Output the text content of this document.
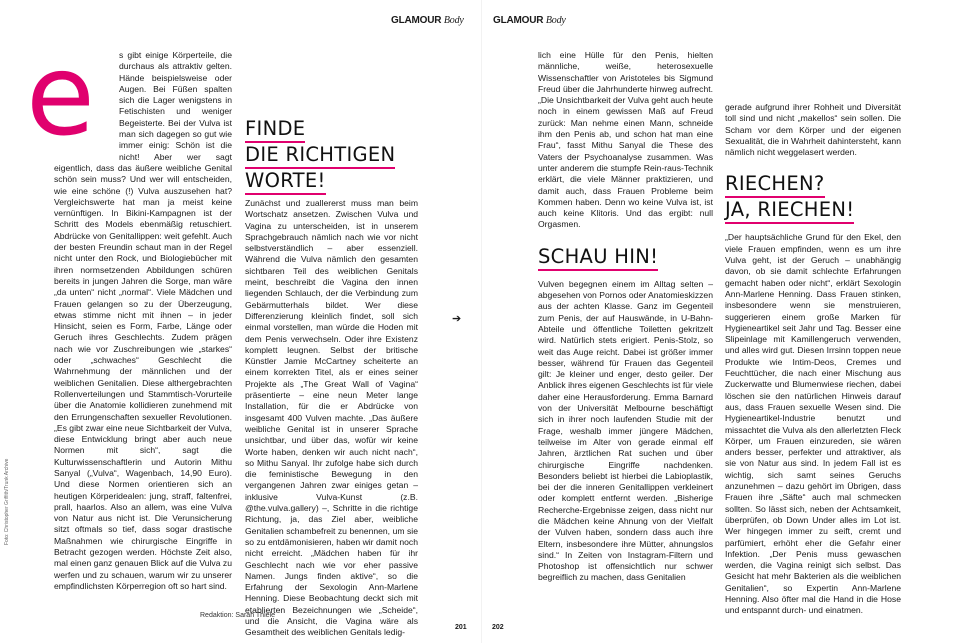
GLAMOUR Body	GLAMOUR Body
e	s gibt einige Körperteile, die durchaus als attraktiv gelten. Hände beispielsweise oder Augen. Bei Füßen spalten sich die Lager wenigstens in Fetischisten und weniger Begeisterte. Bei der Vulva ist man sich dagegen so gut wie immer einig: Schön ist die nicht! Aber wer sagt eigentlich, dass das äußere weibliche Genital schön sein muss? Und wer will entscheiden, wie eine schöne (!) Vulva auszusehen hat? Vergleichswerte hat man ja meist keine vernünftigen. In Bikini-Kampagnen ist der Schritt des Models ebenmäßig retuschiert. Abdrücke von Genitallippen: weit gefehlt. Auch der besten Freundin schaut man in der Regel nicht unter den Rock, und Biologiebücher mit ihren normsetzenden Abbildungen schüren bereits in jungen Jahren die Sorge, man wäre „da unten“ nicht „normal“. Viele Mädchen und Frauen gelangen so zu der Überzeugung, etwas stimme nicht mit ihnen – in jeder Hinsicht, seien es Form, Farbe, Länge oder Geruch ihres Geschlechts. Zudem prägen nach wie vor Zuschreibungen wie „starkes“ oder „schwaches“ Geschlecht die Wahrnehmung der männlichen und der weiblichen Genitalien. Diese althergebrachten Rollenverteilungen und Stammtisch-Vorurteile über die Anatomie kollidieren zunehmend mit den Errungenschaften sexueller Revolutionen. „Es gibt zwar eine neue Sichtbarkeit der Vulva, diese Entwicklung bringt aber auch neue Normen mit sich“, sagt die Kulturwissenschaftlerin und Autorin Mithu Sanyal („Vulva“, Wagenbach, 14,90 Euro). Und diese Normen orientieren sich an heutigen Körperidealen: jung, straff, faltenfrei, prall, haarlos. Also an allem, was eine Vulva von Natur aus nicht ist. Die Verunsicherung sitzt oftmals so tief, dass sogar drastische Maßnahmen wie chirurgische Eingriffe in Betracht gezogen werden. Höchste Zeit also, mal einen ganz genauen Blick auf die Vulva zu werfen und zu schauen, warum wir zu unserer empfindlichsten Körperregion oft so hart sind.

FINDE
DIE RICHTIGEN
WORTE!

Zunächst und zuallererst muss man beim Wortschatz ansetzen. Zwischen Vulva und Vagina zu unterscheiden, ist in unserem Sprachgebrauch nämlich nach wie vor nicht selbstverständlich – aber essenziell. Während die Vulva nämlich den gesamten sichtbaren Teil des weiblichen Genitals meint, beschreibt die Vagina den innen liegenden Schlauch, der die Verbindung zum Gebärmutterhals bildet. Wer diese Differenzierung kleinlich findet, soll sich einmal vorstellen, man würde die Hoden mit dem Penis verwechseln. Oder ihre Existenz komplett leugnen. Selbst der britische Künstler Jamie McCartney scheiterte an einem korrekten Titel, als er eines seiner Projekte als „The Great Wall of Vagina“ präsentierte – eine neun Meter lange Installation, für die er Abdrücke von insgesamt 400 Vulven machte. „Das äußere weibliche Genital ist in unserer Sprache unsichtbar, und über das, wofür wir keine Worte haben, denken wir auch nicht nach“, so Mithu Sanyal. Ihr zufolge habe sich durch die feministische Bewegung in den vergangenen Jahren zwar einiges getan – inklusive Vulva-Kunst (z.B. @the.vulva.gallery) –, Schritte in die richtige Richtung, ja, das Ziel aber, weibliche Genitalien schambefreit zu benennen, um sie so zu entdämonisieren, haben wir damit noch nicht erreicht. „Mädchen haben für ihr Geschlecht nach wie vor eher passive Namen. Jungs finden aktive“, so die Erfahrung der Sexologin Ann-Marlene Henning. Diese Beobachtung deckt sich mit etablierten Bezeichnungen wie „Scheide“, und die Ansicht, die Vagina wäre als Gesamtheit des weiblichen Genitals ledig-

➔

lich eine Hülle für den Penis, hielten männliche, weiße, heterosexuelle Wissenschaftler von Aristoteles bis Sigmund Freud über die Jahrhunderte hinweg aufrecht. „Die Unsichtbarkeit der Vulva geht auch heute noch in einem gewissen Maß auf Freud zurück: Man nehme einen Mann, schneide ihm den Penis ab, und schon hat man eine Frau“, fasst Mithu Sanyal die These des Vaters der Psychoanalyse zusammen. Was unter anderem die stumpfe Rein-raus-Technik erklärt, die viele Männer praktizieren, und damit auch, dass Frauen Probleme beim Kommen haben. Denn wo keine Vulva ist, ist auch keine Klitoris. Und das ergibt: null Orgasmen.

SCHAU HIN!

Vulven begegnen einem im Alltag selten – abgesehen von Pornos oder Anatomieskizzen aus der achten Klasse. Ganz im Gegenteil zum Penis, der auf Hauswände, in U-Bahn-Abteile und öffentliche Toiletten gekritzelt wird. Natürlich stets erigiert. Penis-Stolz, so weit das Auge reicht. Dabei ist größer immer besser, während für Frauen das Gegenteil gilt: Je kleiner und enger, desto geiler. Der Anblick ihres eigenen Geschlechts ist für viele daher eine Herausforderung. Emma Barnard von der Universität Melbourne beschäftigt sich in ihrer noch laufenden Studie mit der Frage, weshalb immer jüngere Mädchen, teilweise im Alter von gerade einmal elf Jahren, ärztlichen Rat suchen und über chirurgische Eingriffe nachdenken. Besonders beliebt ist hierbei die Labioplastik, bei der die inneren Genitallippen verkleinert oder komplett entfernt werden. „Bisherige Recherche-Ergebnisse zeigen, dass nicht nur die Mädchen keine Ahnung von der Vielfalt der Vulven haben, sondern dass auch ihre Eltern, insbesondere ihre Mütter, ahnungslos sind.“ In Zeiten von Instagram-Filtern und Photoshop ist offensichtlich nur schwer begreiflich zu machen, dass Genitalien

gerade aufgrund ihrer Rohheit und Diversität toll sind und nicht „makellos“ sein sollen. Die Scham vor dem Körper und der eigenen Sexualität, die in Wahrheit dahintersteht, kann nämlich nicht weggelasert werden.

RIECHEN?
JA, RIECHEN!

„Der hauptsächliche Grund für den Ekel, den viele Frauen empfinden, wenn es um ihre Vulva geht, ist der Geruch – unabhängig davon, ob sie damit schlechte Erfahrungen gemacht haben oder nicht“, erklärt Sexologin Ann-Marlene Henning. Dass Frauen stinken, insbesondere wenn sie menstruieren, suggerieren einem große Marken für Hygieneartikel seit Jahr und Tag. Besser eine Slipeinlage mit Kamillengeruch verwenden, und alles wird gut. Diesen Irrsinn toppen neue Produkte wie Intim-Deos, Cremes und Feuchttücher, die nach einer Mischung aus Zuckerwatte und Blumenwiese riechen, dabei löschen sie den natürlichen Hinweis darauf aus, dass Frauen sexuelle Wesen sind. Die Hygieneartikel-Industrie benutzt und missachtet die Vulva als den allerletzten Fleck Körper, um Frauen einzureden, sie wären anders besser, perfekter und attraktiver, als sie von Natur aus sind. In jedem Fall ist es wichtig, sich samt seines Geruchs anzunehmen – dazu gehört im Übrigen, dass Frauen ihre „Säfte“ auch mal schmecken sollten. So lässt sich, neben der Achtsamkeit, überprüfen, ob Down Under alles im Lot ist. Wer hingegen immer zu seift, cremt und parfümiert, erhöht eher die Gefahr einer Infektion. „Der Penis muss gewaschen werden, die Vagina reinigt sich selbst. Das Gesicht hat mehr Bakterien als die weiblichen Genitalien“, so Expertin Ann-Marlene Henning. Also öfter mal die Hand in die Hose und entspannt durch- und einatmen.

Redaktion: Sarah Thiele
201	202
Foto: Christopher Griffith/Trunk Archive
